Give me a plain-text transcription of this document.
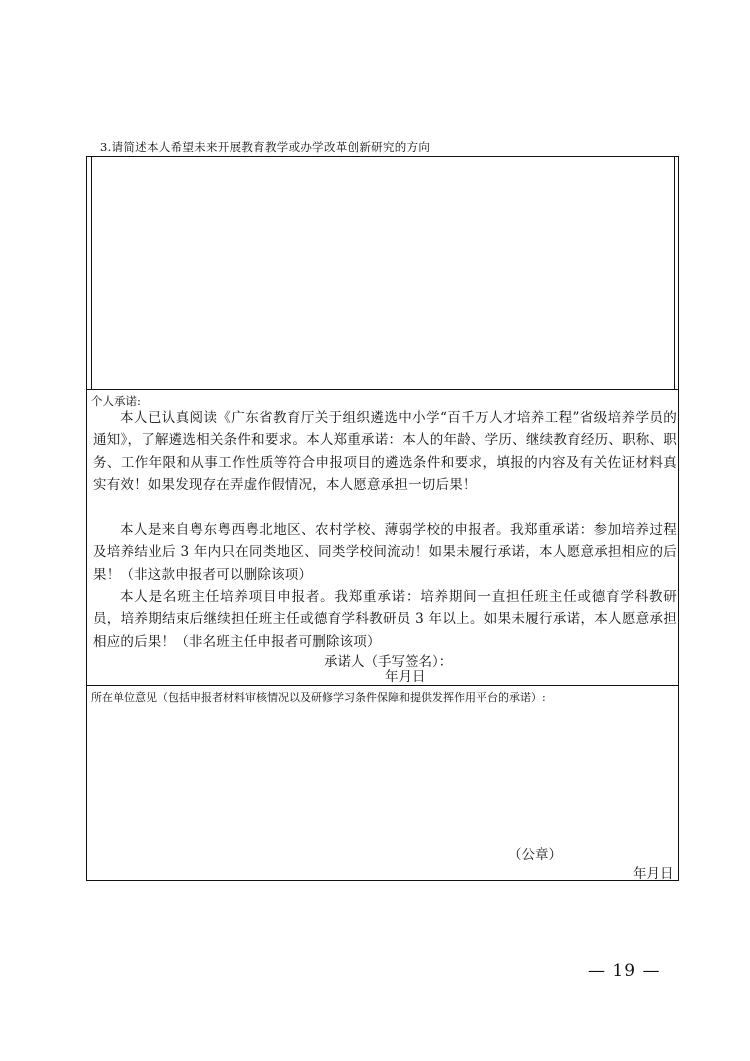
3.请简述本人希望未来开展教育教学或办学改革创新研究的方向
个人承诺:

本人已认真阅读《广东省教育厅关于组织遴选中小学“百千万人才培养工程”省级培养学员的通知》，了解遴选相关条件和要求。本人郑重承诺：本人的年龄、学历、继续教育经历、职称、职务、工作年限和从事工作性质等符合申报项目的遴选条件和要求，填报的内容及有关佐证材料真实有效！如果发现存在弄虚作假情况，本人愿意承担一切后果！

本人是来自粤东粤西粤北地区、农村学校、薄弱学校的申报者。我郑重承诺：参加培养过程及培养结业后 3 年内只在同类地区、同类学校间流动！如果未履行承诺，本人愿意承担相应的后果！（非这款申报者可以删除该项）

本人是名班主任培养项目申报者。我郑重承诺：培养期间一直担任班主任或德育学科教研员，培养期结束后继续担任班主任或德育学科教研员 3 年以上。如果未履行承诺，本人愿意承担相应的后果！（非名班主任申报者可删除该项）

承诺人（手写签名）：
年月日
所在单位意见（包括申报者材料审核情况以及研修学习条件保障和提供发挥作用平台的承诺）:
（公章）
年月日
— 19 —
